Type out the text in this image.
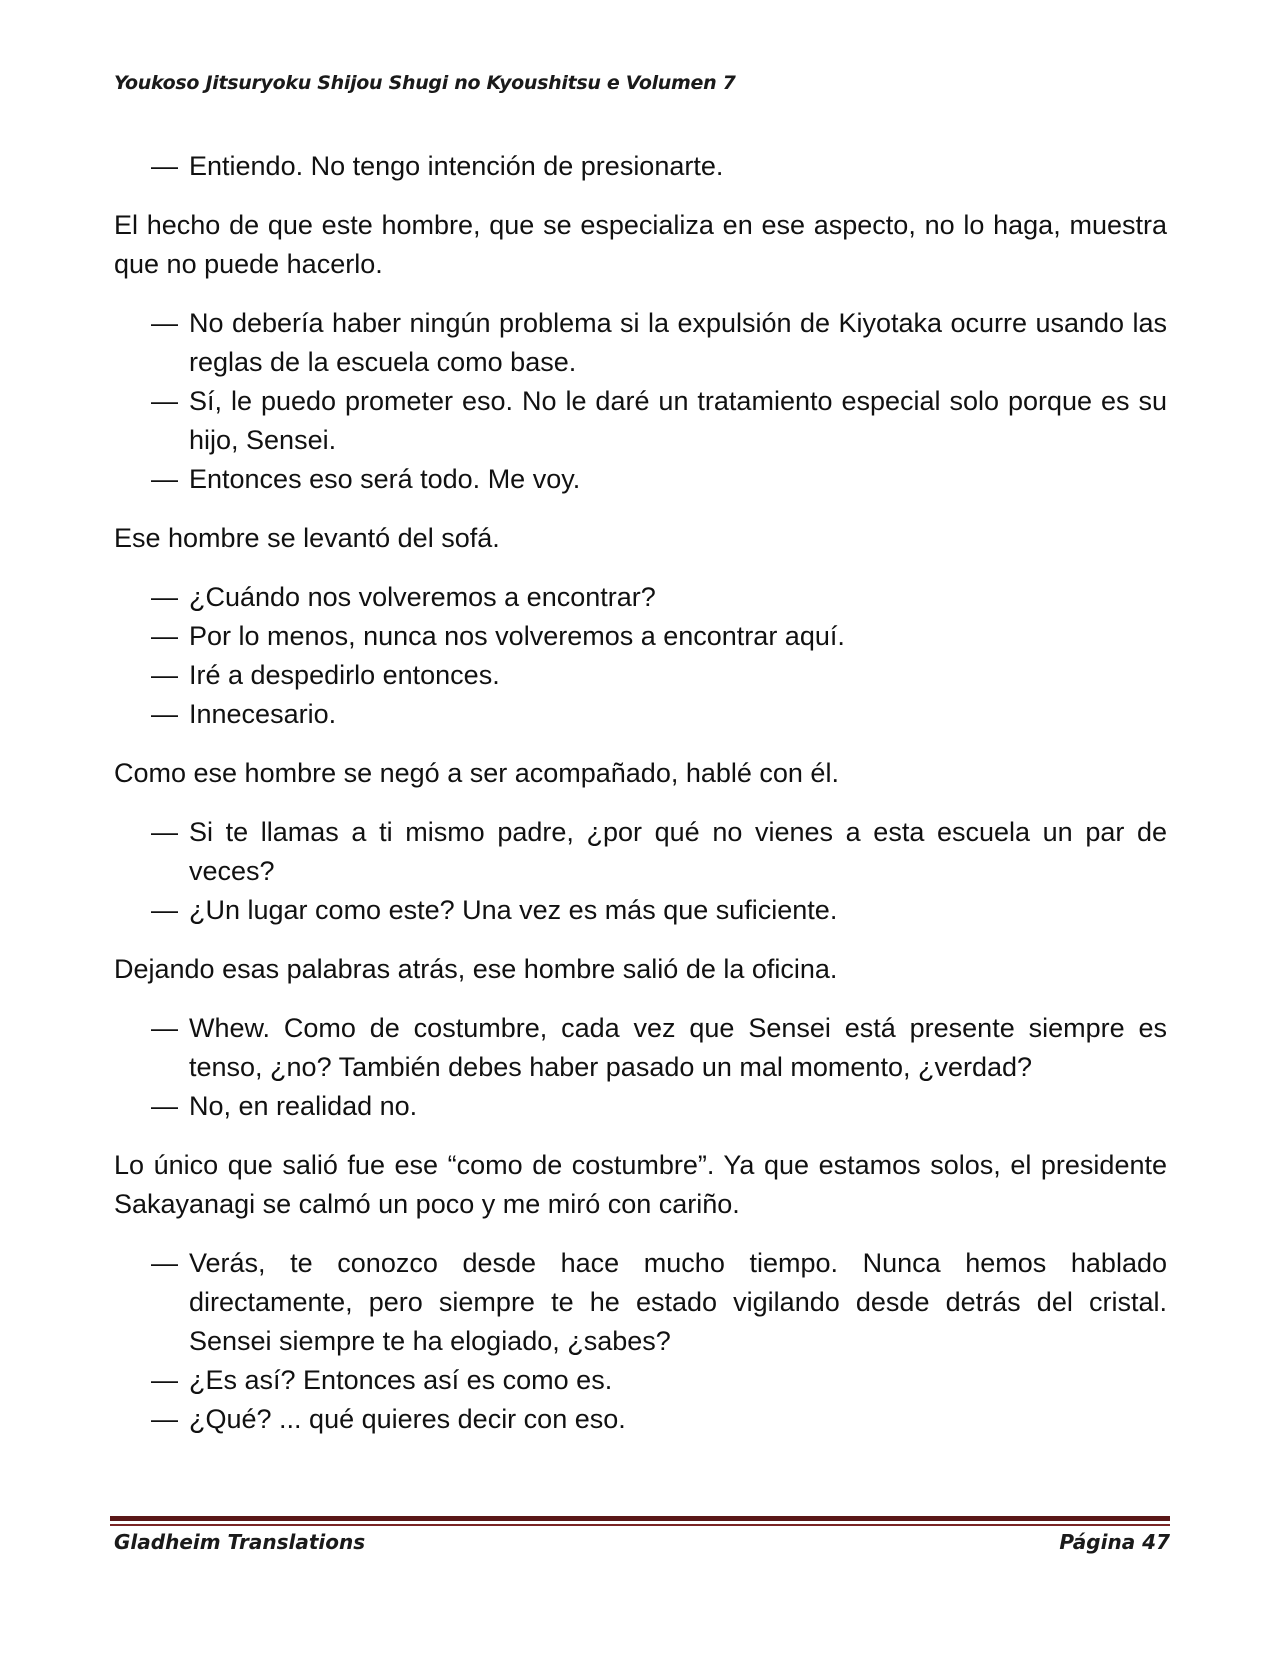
Youkoso Jitsuryoku Shijou Shugi no Kyoushitsu e Volumen 7
— Entiendo. No tengo intención de presionarte.

El hecho de que este hombre, que se especializa en ese aspecto, no lo haga, muestra que no puede hacerlo.

— No debería haber ningún problema si la expulsión de Kiyotaka ocurre usando las reglas de la escuela como base.
— Sí, le puedo prometer eso. No le daré un tratamiento especial solo porque es su hijo, Sensei.
— Entonces eso será todo. Me voy.

Ese hombre se levantó del sofá.

— ¿Cuándo nos volveremos a encontrar?
— Por lo menos, nunca nos volveremos a encontrar aquí.
— Iré a despedirlo entonces.
— Innecesario.

Como ese hombre se negó a ser acompañado, hablé con él.

— Si te llamas a ti mismo padre, ¿por qué no vienes a esta escuela un par de veces?
— ¿Un lugar como este? Una vez es más que suficiente.

Dejando esas palabras atrás, ese hombre salió de la oficina.

— Whew. Como de costumbre, cada vez que Sensei está presente siempre es tenso, ¿no? También debes haber pasado un mal momento, ¿verdad?
— No, en realidad no.

Lo único que salió fue ese “como de costumbre”. Ya que estamos solos, el presidente Sakayanagi se calmó un poco y me miró con cariño.

— Verás, te conozco desde hace mucho tiempo. Nunca hemos hablado directamente, pero siempre te he estado vigilando desde detrás del cristal. Sensei siempre te ha elogiado, ¿sabes?
— ¿Es así? Entonces así es como es.
— ¿Qué? ... qué quieres decir con eso.
Gladheim Translations	Página 47
